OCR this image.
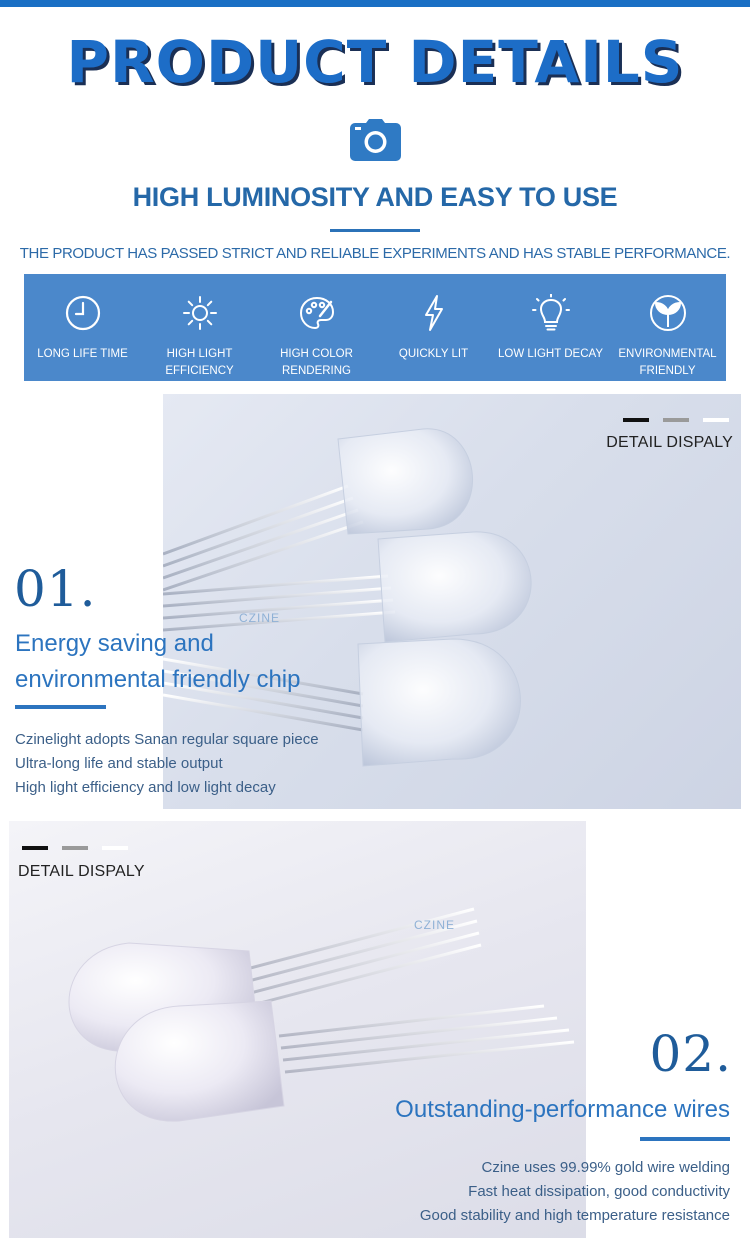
PRODUCT DETAILS
HIGH LUMINOSITY AND EASY TO USE

THE PRODUCT HAS PASSED STRICT AND RELIABLE EXPERIMENTS AND HAS STABLE PERFORMANCE.

LONG LIFE TIME	HIGH LIGHT EFFICIENCY
HIGH COLOR RENDERING
QUICKLY LIT	LOW LIGHT DECAY ENVIRONMENTAL FRIENDLY
DETAIL DISPALY
CZINE
01.
Energy saving and
environmental friendly chip
Czinelight adopts Sanan regular square piece
Ultra-long life and stable output
High light efficiency and low light decay
DETAIL DISPALY
CZINE
02.
Outstanding-performance wires
Czine uses 99.99% gold wire welding
Fast heat dissipation, good conductivity
Good stability and high temperature resistance
